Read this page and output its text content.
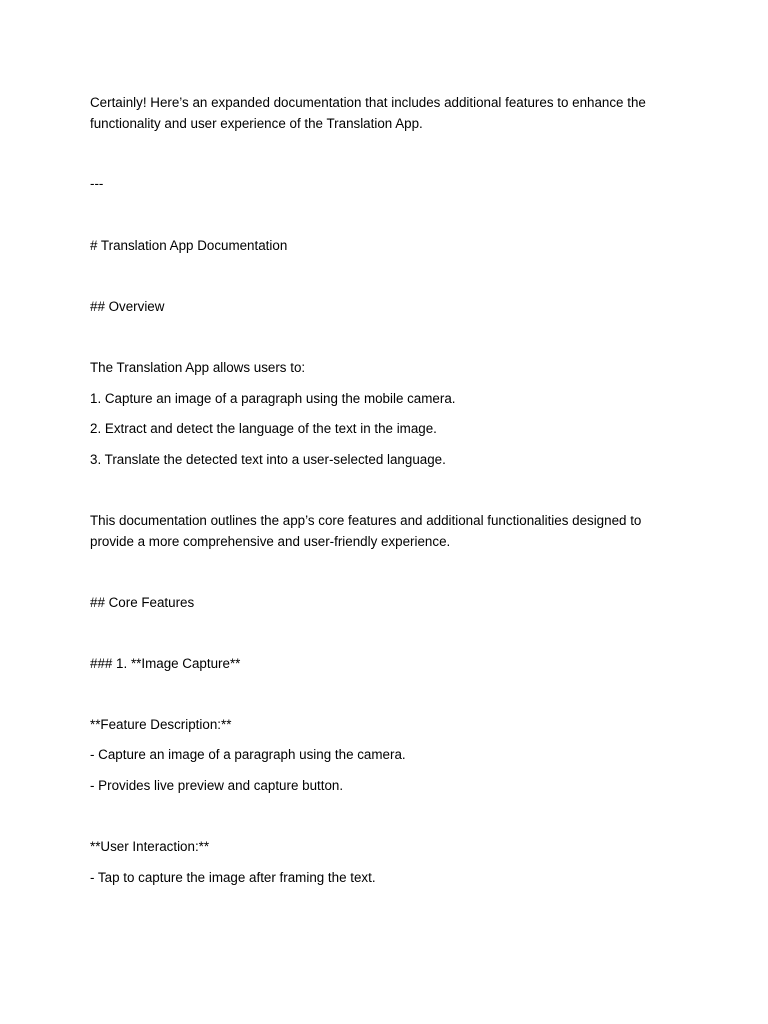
Certainly! Here’s an expanded documentation that includes additional features to enhance the
functionality and user experience of the Translation App.
---
# Translation App Documentation
## Overview
The Translation App allows users to:
1. Capture an image of a paragraph using the mobile camera.
2. Extract and detect the language of the text in the image.
3. Translate the detected text into a user-selected language.
This documentation outlines the app’s core features and additional functionalities designed to
provide a more comprehensive and user-friendly experience.
## Core Features
### 1. **Image Capture**
**Feature Description:**
- Capture an image of a paragraph using the camera.
- Provides live preview and capture button.
**User Interaction:**
- Tap to capture the image after framing the text.
